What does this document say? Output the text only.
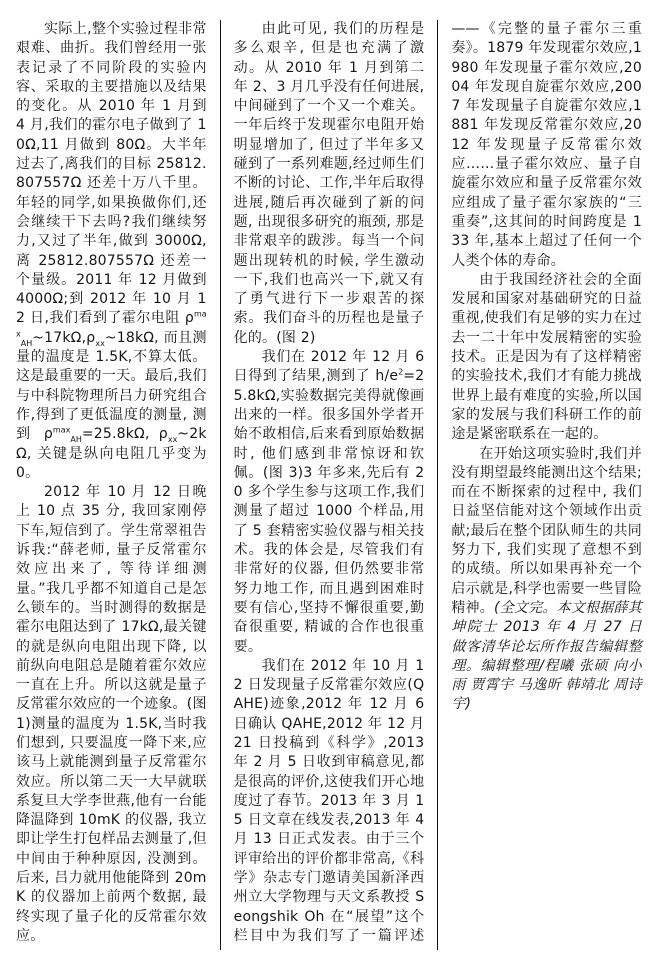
实际上,整个实验过程非常艰难、曲折。我们曾经用一张表记录了不同阶段的实验内容、采取的主要措施以及结果的变化。从 2010 年 1 月到 4 月,我们的霍尔电子做到了 10Ω,11 月做到 80Ω。大半年过去了,离我们的目标 25812.807557Ω 还差十万八千里。年轻的同学,如果换做你们,还会继续干下去吗?我们继续努力,又过了半年,做到 3000Ω,离 25812.807557Ω 还差一个量级。2011 年 12 月做到4000Ω;到 2012 年 10 月 12 日,我们看到了霍尔电阻 $\rho^{max}_{AH}\sim 17k\Omega,\rho_{xx}\sim 18k\Omega$, 而且测量的温度是 1.5K,不算太低。这是最重要的一天。最后,我们与中科院物理所吕力研究组合作,得到了更低温度的测量, 测到 $\rho^{max}_{AH}=25.8k\Omega$, $\rho_{xx}\sim 2k\Omega$, 关键是纵向电阻几乎变为 0。

2012 年 10 月 12 日晚上 10 点 35 分, 我回家刚停下车,短信到了。学生常翠祖告诉我:“薛老师, 量子反常霍尔效应出来了, 等待详细测量。”我几乎都不知道自己是怎么锁车的。当时测得的数据是霍尔电阻达到了 17kΩ,最关键的就是纵向电阻出现下降, 以前纵向电阻总是随着霍尔效应一直在上升。所以这就是量子反常霍尔效应的一个迹象。(图 1)测量的温度为 1.5K,当时我们想到, 只要温度一降下来,应该马上就能测到量子反常霍尔效应。所以第二天一大早就联系复旦大学李世燕,他有一台能降温降到 10mK 的仪器, 我立即让学生打包样品去测量了,但中间由于种种原因, 没测到。后来, 吕力就用他能降到 20mK 的仪器加上前两个数据, 最终实现了量子化的反常霍尔效应。

由此可见, 我们的历程是多么艰辛, 但是也充满了激动。从 2010 年 1 月到第二年 2、3 月几乎没有任何进展, 中间碰到了一个又一个难关。一年后终于发现霍尔电阻开始明显增加了, 但过了半年多又碰到了一系列难题,经过师生们不断的讨论、工作,半年后取得进展,随后再次碰到了新的问题, 出现很多研究的瓶颈, 那是非常艰辛的跋涉。每当一个问题出现转机的时候, 学生激动一下,我们也高兴一下,就又有了勇气进行下一步艰苦的探索。我们奋斗的历程也是量子化的。(图 2)

我们在 2012 年 12 月 6 日得到了结果,测到了 $h/e^2=25.8k\Omega$,实验数据完美得就像画出来的一样。很多国外学者开始不敢相信,后来看到原始数据时, 他们感到非常惊讶和钦佩。(图 3)3 年多来,先后有 20 多个学生参与这项工作,我们测量了超过 1000 个样品,用了 5 套精密实验仪器与相关技术。我的体会是, 尽管我们有非常好的仪器, 但仍然要非常努力地工作, 而且遇到困难时要有信心,坚持不懈很重要,勤奋很重要, 精诚的合作也很重要。

我们在 2012 年 10 月 12 日发现量子反常霍尔效应(QAHE)迹象,2012 年 12 月 6 日确认 QAHE,2012 年 12 月 21 日投稿到《科学》,2013 年 2 月 5 日收到审稿意见,都是很高的评价,这使我们开心地度过了春节。2013 年 3 月 15 日文章在线发表,2013 年 4 月 13 日正式发表。由于三个评审给出的评价都非常高,《科学》杂志专门邀请美国新泽西州立大学物理与天文系教授 Seongshik Oh 在“展望”这个栏目中为我们写了一篇评述——《完整的量子霍尔三重奏》。1879 年发现霍尔效应,1980 年发现量子霍尔效应,2004 年发现自旋霍尔效应,2007 年发现量子自旋霍尔效应,1881 年发现反常霍尔效应,2012 年发现量子反常霍尔效应……量子霍尔效应、量子自旋霍尔效应和量子反常霍尔效应组成了量子霍尔家族的“三重奏”,这其间的时间跨度是 133 年,基本上超过了任何一个人类个体的寿命。

由于我国经济社会的全面发展和国家对基础研究的日益重视,使我们有足够的实力在过去一二十年中发展精密的实验技术。正是因为有了这样精密的实验技术,我们才有能力挑战世界上最有难度的实验,所以国家的发展与我们科研工作的前途是紧密联系在一起的。

在开始这项实验时,我们并没有期望最终能测出这个结果;而在不断探索的过程中, 我们日益坚信能对这个领域作出贡献;最后在整个团队师生的共同努力下, 我们实现了意想不到的成绩。所以如果再补充一个启示就是,科学也需要一些冒险精神。(全文完。本文根据薛其坤院士 2013 年 4 月 27 日做客清华论坛所作报告编辑整理。编辑整理/程曦 张硕 向小雨 贾霄宇 马逸昕 韩靖北 周诗宇)
